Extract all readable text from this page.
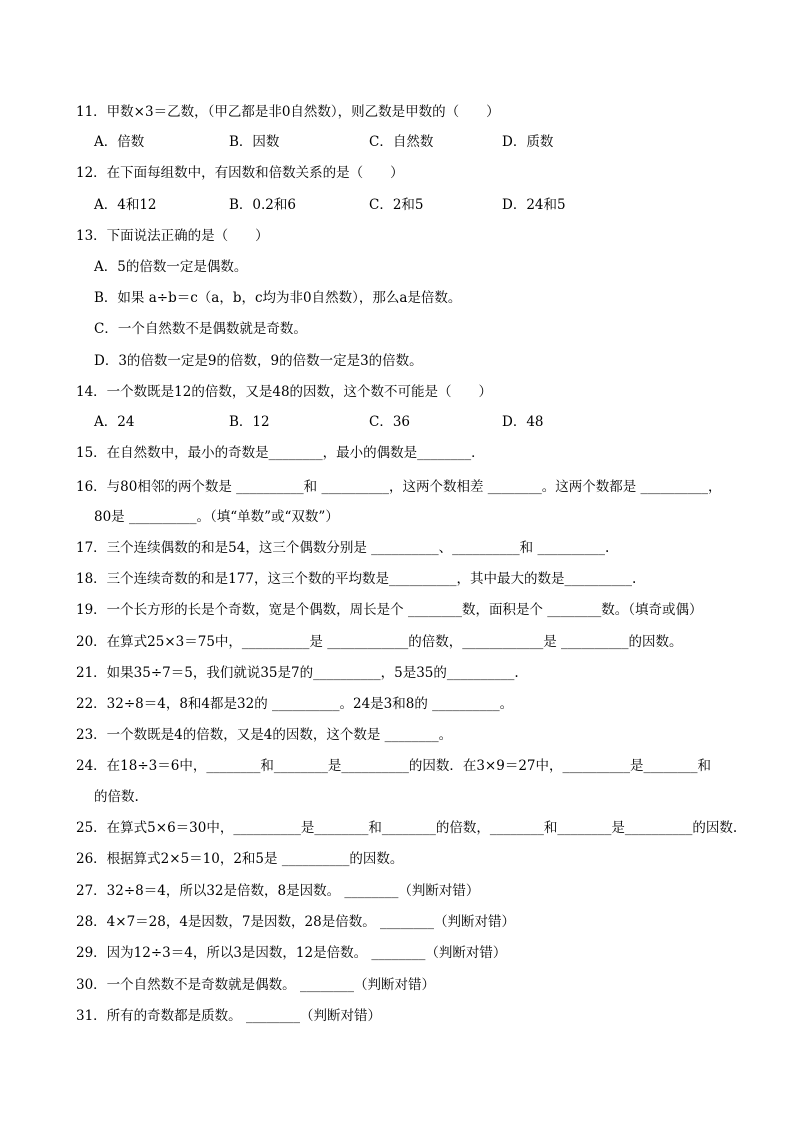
11．甲数×3＝乙数，（甲乙都是非0自然数），则乙数是甲数的（　　）
A．倍数	B．因数	C．自然数	D．质数
12．在下面每组数中，有因数和倍数关系的是（　　）
A．4和12	B．0.2和6	C．2和5	D．24和5
13．下面说法正确的是（　　）
A．5的倍数一定是偶数。
B．如果 a÷b＝c（a，b，c均为非0自然数），那么a是倍数。
C．一个自然数不是偶数就是奇数。
D．3的倍数一定是9的倍数，9的倍数一定是3的倍数。
14．一个数既是12的倍数，又是48的因数，这个数不可能是（　　）
A．24	B．12	C．36	D．48
15．在自然数中，最小的奇数是________，最小的偶数是________．
16．与80相邻的两个数是 __________和 __________，这两个数相差 ________。这两个数都是 __________，
80是 __________。（填“单数”或“双数”）
17．三个连续偶数的和是54，这三个偶数分别是 __________、__________和 __________.
18．三个连续奇数的和是177，这三个数的平均数是__________，其中最大的数是__________.
19．一个长方形的长是个奇数，宽是个偶数，周长是个 ________数，面积是个 ________数。（填奇或偶）
20．在算式25×3＝75中，__________是 ____________的倍数，____________是 __________的因数。
21．如果35÷7＝5，我们就说35是7的__________，5是35的__________.
22．32÷8＝4，8和4都是32的 __________。24是3和8的 __________。
23．一个数既是4的倍数，又是4的因数，这个数是 ________。
24．在18÷3＝6中，________和________是__________的因数．在3×9＝27中，__________是________和
的倍数.
25．在算式5×6＝30中，__________是________和________的倍数，________和________是__________的因数.
26．根据算式2×5＝10，2和5是 __________的因数。
27．32÷8＝4，所以32是倍数，8是因数。 ________（判断对错）
28．4×7＝28，4是因数，7是因数，28是倍数。 ________（判断对错）
29．因为12÷3＝4，所以3是因数，12是倍数。 ________（判断对错）
30．一个自然数不是奇数就是偶数。 ________（判断对错）
31．所有的奇数都是质数。 ________（判断对错）
